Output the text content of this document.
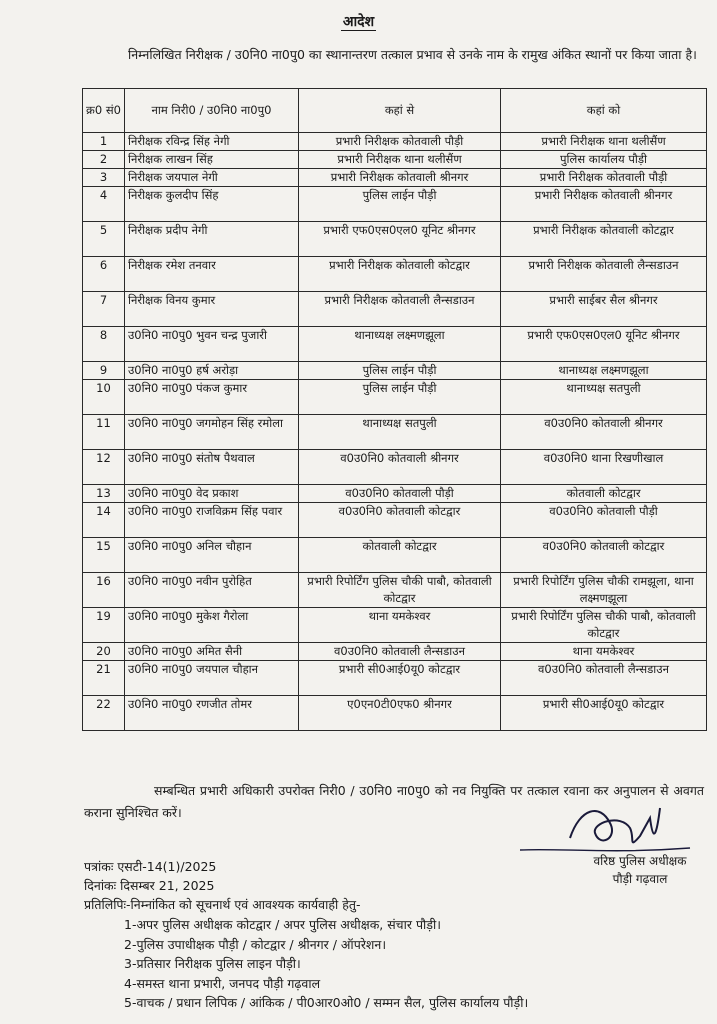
आदेश
निम्नलिखित निरीक्षक / उ0नि0 ना0पु0 का स्थानान्तरण तत्काल प्रभाव से उनके नाम के रामुख अंकित स्थानों पर किया जाता है।
क्र0 सं0	नाम निरी0 / उ0नि0 ना0पु0	कहां से	कहां को
1	निरीक्षक रविन्द्र सिंह नेगी	प्रभारी निरीक्षक कोतवाली पौड़ी	प्रभारी निरीक्षक थाना थलीसैंण
2	निरीक्षक लाखन सिंह	प्रभारी निरीक्षक थाना थलीसैंण	पुलिस कार्यालय पौड़ी
3	निरीक्षक जयपाल नेगी	प्रभारी निरीक्षक कोतवाली श्रीनगर	प्रभारी निरीक्षक कोतवाली पौड़ी
4	निरीक्षक कुलदीप सिंह	पुलिस लाईन पौड़ी	प्रभारी निरीक्षक कोतवाली श्रीनगर
5	निरीक्षक प्रदीप नेगी	प्रभारी एफ0एस0एल0 यूनिट श्रीनगर	प्रभारी निरीक्षक कोतवाली कोटद्वार
6	निरीक्षक रमेश तनवार	प्रभारी निरीक्षक कोतवाली कोटद्वार	प्रभारी निरीक्षक कोतवाली लैन्सडाउन
7	निरीक्षक विनय कुमार	प्रभारी निरीक्षक कोतवाली लैन्सडाउन	प्रभारी साईबर सैल श्रीनगर
8	उ0नि0 ना0पु0 भुवन चन्द्र पुजारी	थानाध्यक्ष लक्ष्मणझूला	प्रभारी एफ0एस0एल0 यूनिट श्रीनगर
9	उ0नि0 ना0पु0 हर्ष अरोड़ा	पुलिस लाईन पौड़ी	थानाध्यक्ष लक्ष्मणझूला
10	उ0नि0 ना0पु0 पंकज कुमार	पुलिस लाईन पौड़ी	थानाध्यक्ष सतपुली
11	उ0नि0 ना0पु0 जगमोहन सिंह रमोला	थानाध्यक्ष सतपुली	व0उ0नि0 कोतवाली श्रीनगर
12	उ0नि0 ना0पु0 संतोष पैथवाल	व0उ0नि0 कोतवाली श्रीनगर	व0उ0नि0 थाना रिखणीखाल
13	उ0नि0 ना0पु0 वेद प्रकाश	व0उ0नि0 कोतवाली पौड़ी	कोतवाली कोटद्वार
14	उ0नि0 ना0पु0 राजविक्रम सिंह पवार	व0उ0नि0 कोतवाली कोटद्वार	व0उ0नि0 कोतवाली पौड़ी
15	उ0नि0 ना0पु0 अनिल चौहान	कोतवाली कोटद्वार	व0उ0नि0 कोतवाली कोटद्वार
16	उ0नि0 ना0पु0 नवीन पुरोहित	प्रभारी रिपोर्टिंग पुलिस चौकी पाबौ, कोतवाली कोटद्वार	प्रभारी रिपोर्टिंग पुलिस चौकी रामझूला, थाना लक्ष्मणझूला
19	उ0नि0 ना0पु0 मुकेश गैरोला	थाना यमकेश्वर	प्रभारी रिपोर्टिंग पुलिस चौकी पाबौ, कोतवाली कोटद्वार
20	उ0नि0 ना0पु0 अमित सैनी	व0उ0नि0 कोतवाली लैन्सडाउन	थाना यमकेश्वर
21	उ0नि0 ना0पु0 जयपाल चौहान	प्रभारी सी0आई0यू0 कोटद्वार	व0उ0नि0 कोतवाली लैन्सडाउन
22	उ0नि0 ना0पु0 रणजीत तोमर	ए0एन0टी0एफ0 श्रीनगर	प्रभारी सी0आई0यू0 कोटद्वार
सम्बन्धित प्रभारी अधिकारी उपरोक्त निरी0 / उ0नि0 ना0पु0 को नव नियुक्ति पर तत्काल रवाना कर अनुपालन से अवगत कराना सुनिश्चित करें।
वरिष्ठ पुलिस अधीक्षक
पौड़ी गढ़वाल
पत्रांकः एसटी-14(1)/2025
दिनांकः दिसम्बर 21, 2025
प्रतिलिपिः-निम्नांकित को सूचनार्थ एवं आवश्यक कार्यवाही हेतु-
1-अपर पुलिस अधीक्षक कोटद्वार / अपर पुलिस अधीक्षक, संचार पौड़ी।
2-पुलिस उपाधीक्षक पौड़ी / कोटद्वार / श्रीनगर / ऑपरेशन।
3-प्रतिसार निरीक्षक पुलिस लाइन पौड़ी।
4-समस्त थाना प्रभारी, जनपद पौड़ी गढ़वाल
5-वाचक / प्रधान लिपिक / आंकिक / पी0आर0ओ0 / सम्मन सैल, पुलिस कार्यालय पौड़ी।
